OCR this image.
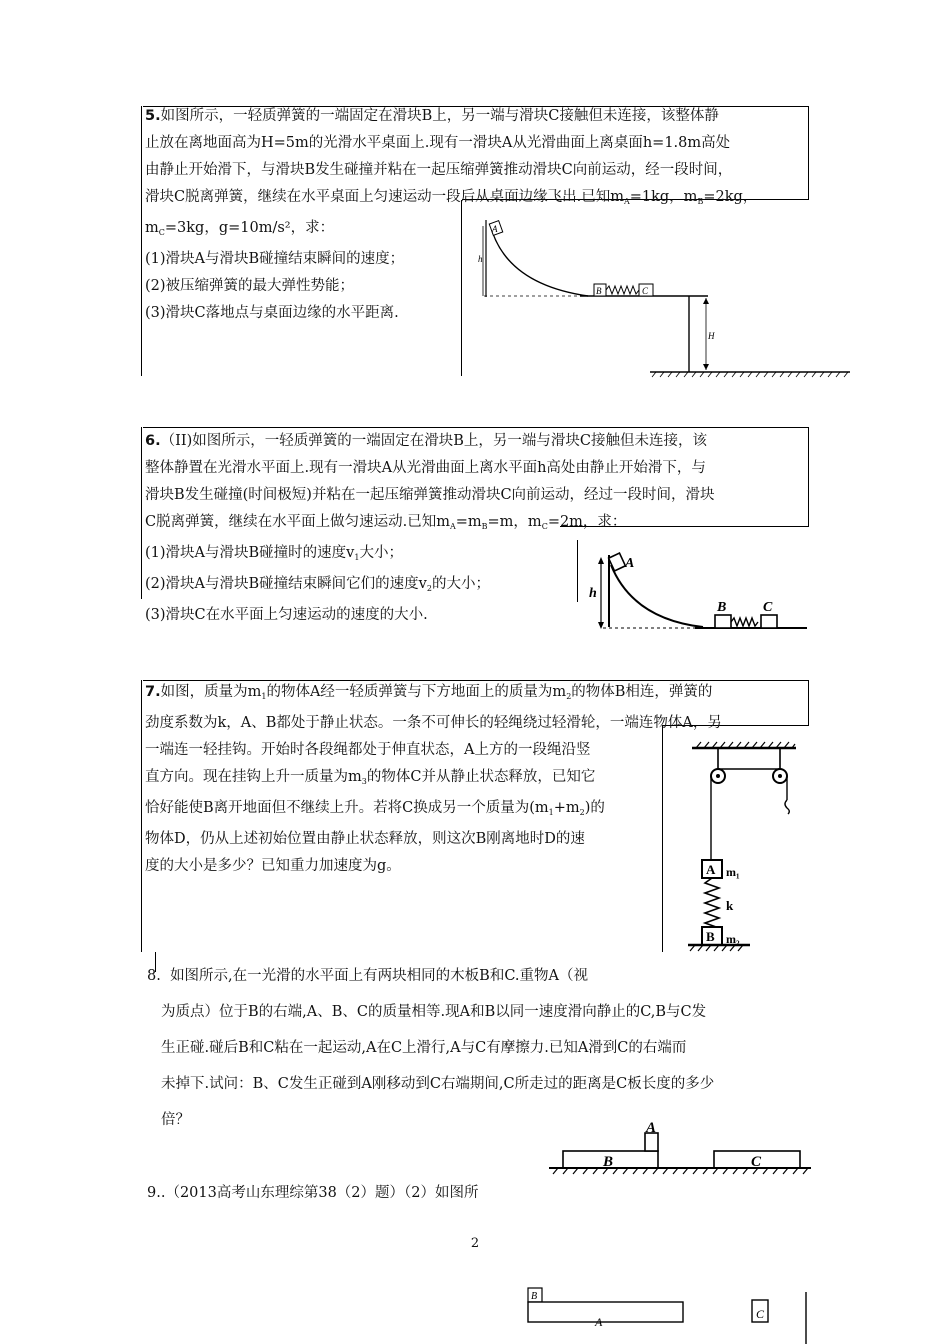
5.如图所示，一轻质弹簧的一端固定在滑块B上，另一端与滑块C接触但未连接，该整体静
止放在离地面高为H=5m的光滑水平桌面上.现有一滑块A从光滑曲面上离桌面h=1.8m高处
由静止开始滑下，与滑块B发生碰撞并粘在一起压缩弹簧推动滑块C向前运动，经一段时间，
滑块C脱离弹簧，继续在水平桌面上匀速运动一段后从桌面边缘飞出.已知$m_A=1kg$，$m_B=2kg$，
$m_C=3kg$，g=10m/s²，求：
(1)滑块A与滑块B碰撞结束瞬间的速度；
(2)被压缩弹簧的最大弹性势能；
(3)滑块C落地点与桌面边缘的水平距离.
A
h
B	C
H
6.（II)如图所示，一轻质弹簧的一端固定在滑块B上，另一端与滑块C接触但未连接，该
整体静置在光滑水平面上.现有一滑块A从光滑曲面上离水平面h高处由静止开始滑下，与
滑块B发生碰撞(时间极短)并粘在一起压缩弹簧推动滑块C向前运动，经过一段时间，滑块
C脱离弹簧，继续在水平面上做匀速运动.已知$m_A=m_B=m$，$m_C=2m$，求：
(1)滑块A与滑块B碰撞时的速度$v_1$大小；
(2)滑块A与滑块B碰撞结束瞬间它们的速度$v_2$的大小；
(3)滑块C在水平面上匀速运动的速度的大小.
A
h
B	C
7.如图，质量为$m_1$的物体A经一轻质弹簧与下方地面上的质量为$m_2$的物体B相连，弹簧的
劲度系数为k，A、B都处于静止状态。一条不可伸长的轻绳绕过轻滑轮，一端连物体A，另
一端连一轻挂钩。开始时各段绳都处于伸直状态，A上方的一段绳沿竖
直方向。现在挂钩上升一质量为$m_3$的物体C并从静止状态释放，已知它
恰好能使B离开地面但不继续上升。若将C换成另一个质量为$(m_1+m_2)$的
物体D，仍从上述初始位置由静止状态释放，则这次B刚离地时D的速
度的大小是多少？已知重力加速度为g。	A m₁
k
B m₂
8. 如图所示,在一光滑的水平面上有两块相同的木板B和C.重物A（视
为质点）位于B的右端,A、B、C的质量相等.现A和B以同一速度滑向静止的C,B与C发
生正碰.碰后B和C粘在一起运动,A在C上滑行,A与C有摩擦力.已知A滑到C的右端而
未掉下.试问：B、C发生正碰到A刚移动到C右端期间,C所走过的距离是C板长度的多少
倍？
B
A
C
9..（2013高考山东理综第38（2）题）（2）如图所
2
B
A
C
